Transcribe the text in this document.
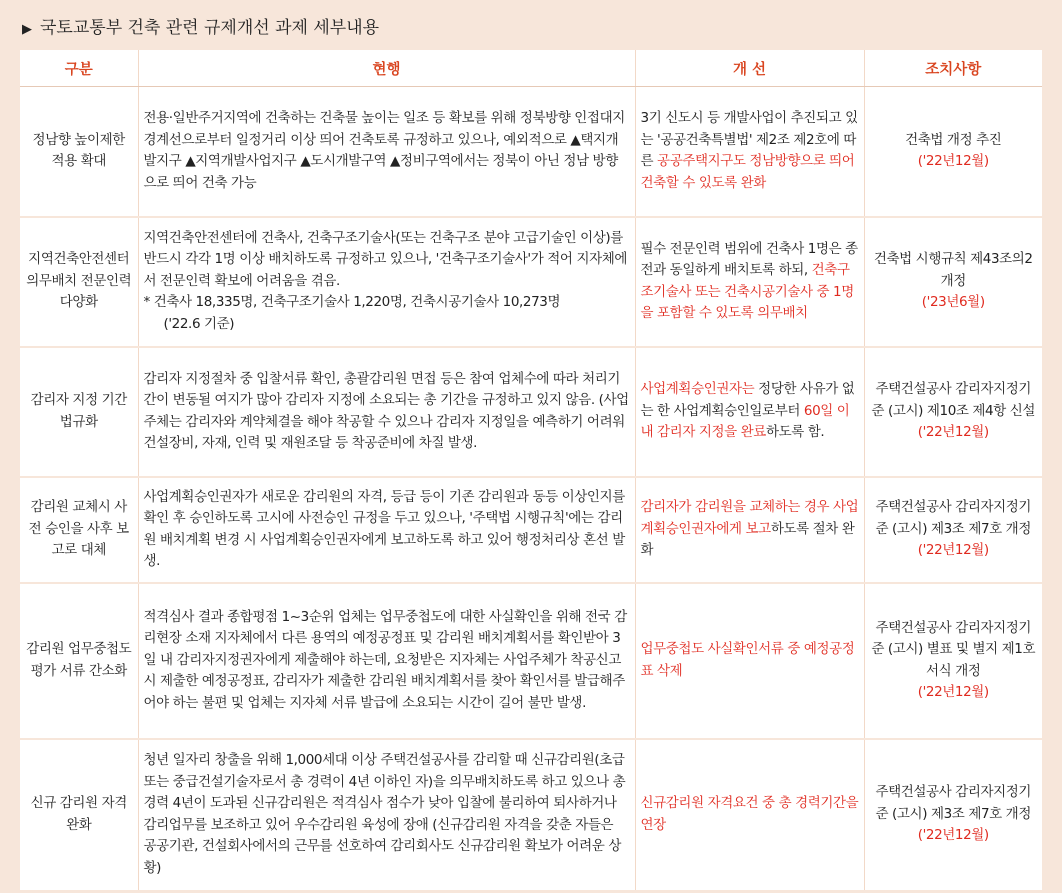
▶ 국토교통부 건축 관련 규제개선 과제 세부내용
구분	현행	개 선	조치사항
정남향 높이제한 적용 확대	전용·일반주거지역에 건축하는 건축물 높이는 일조 등 확보를 위해 정북방향 인접대지 경계선으로부터 일정거리 이상 띄어 건축토록 규정하고 있으나, 예외적으로 ▲택지개발지구 ▲지역개발사업지구 ▲도시개발구역 ▲정비구역에서는 정북이 아닌 정남 방향으로 띄어 건축 가능	3기 신도시 등 개발사업이 추진되고 있는 '공공건축특별법' 제2조 제2호에 따른 공공주택지구도 정남방향으로 띄어 건축할 수 있도록 완화	건축법 개정 추진
('22년12월)
지역건축안전센터 의무배치 전문인력 다양화	지역건축안전센터에 건축사, 건축구조기술사(또는 건축구조 분야 고급기술인 이상)를 반드시 각각 1명 이상 배치하도록 규정하고 있으나, '건축구조기술사'가 적어 지자체에서 전문인력 확보에 어려움을 겪음.
* 건축사 18,335명, 건축구조기술사 1,220명, 건축시공기술사 10,273명
('22.6 기준)	필수 전문인력 범위에 건축사 1명은 종전과 동일하게 배치토록 하되, 건축구조기술사 또는 건축시공기술사 중 1명을 포함할 수 있도록 의무배치	건축법 시행규칙 제43조의2 개정
('23년6월)
감리자 지정 기간 법규화	감리자 지정절차 중 입찰서류 확인, 총괄감리원 면접 등은 참여 업체수에 따라 처리기간이 변동될 여지가 많아 감리자 지정에 소요되는 총 기간을 규정하고 있지 않음. (사업주체는 감리자와 계약체결을 해야 착공할 수 있으나 감리자 지정일을 예측하기 어려워 건설장비, 자재, 인력 및 재원조달 등 착공준비에 차질 발생.	사업계획승인권자는 정당한 사유가 없는 한 사업계획승인일로부터 60일 이내 감리자 지정을 완료하도록 함.	주택건설공사 감리자지정기준 (고시) 제10조 제4항 신설('22년12월)
감리원 교체시 사전 승인을 사후 보고로 대체	사업계획승인권자가 새로운 감리원의 자격, 등급 등이 기존 감리원과 동등 이상인지를 확인 후 승인하도록 고시에 사전승인 규정을 두고 있으나, '주택법 시행규칙'에는 감리원 배치계획 변경 시 사업계획승인권자에게 보고하도록 하고 있어 행정처리상 혼선 발생.	감리자가 감리원을 교체하는 경우 사업계획승인권자에게 보고하도록 절차 완화	주택건설공사 감리자지정기준 (고시) 제3조 제7호 개정('22년12월)
감리원 업무중첩도 평가 서류 간소화	적격심사 결과 종합평점 1~3순위 업체는 업무중첩도에 대한 사실확인을 위해 전국 감리현장 소재 지자체에서 다른 용역의 예정공정표 및 감리원 배치계획서를 확인받아 3일 내 감리자지정권자에게 제출해야 하는데, 요청받은 지자체는 사업주체가 착공신고 시 제출한 예정공정표, 감리자가 제출한 감리원 배치계획서를 찾아 확인서를 발급해주어야 하는 불편 및 업체는 지자체 서류 발급에 소요되는 시간이 길어 불만 발생.	업무중첩도 사실확인서류 중 예정공정표 삭제	주택건설공사 감리자지정기준 (고시) 별표 및 별지 제1호서식 개정
('22년12월)
신규 감리원 자격 완화	청년 일자리 창출을 위해 1,000세대 이상 주택건설공사를 감리할 때 신규감리원(초급 또는 중급건설기술자로서 총 경력이 4년 이하인 자)을 의무배치하도록 하고 있으나 총 경력 4년이 도과된 신규감리원은 적격심사 점수가 낮아 입찰에 불리하여 퇴사하거나 감리업무를 보조하고 있어 우수감리원 육성에 장애 (신규감리원 자격을 갖춘 자들은 공공기관, 건설회사에서의 근무를 선호하여 감리회사도 신규감리원 확보가 어려운 상황)	신규감리원 자격요건 중 총 경력기간을 연장	주택건설공사 감리자지정기준 (고시) 제3조 제7호 개정('22년12월)
